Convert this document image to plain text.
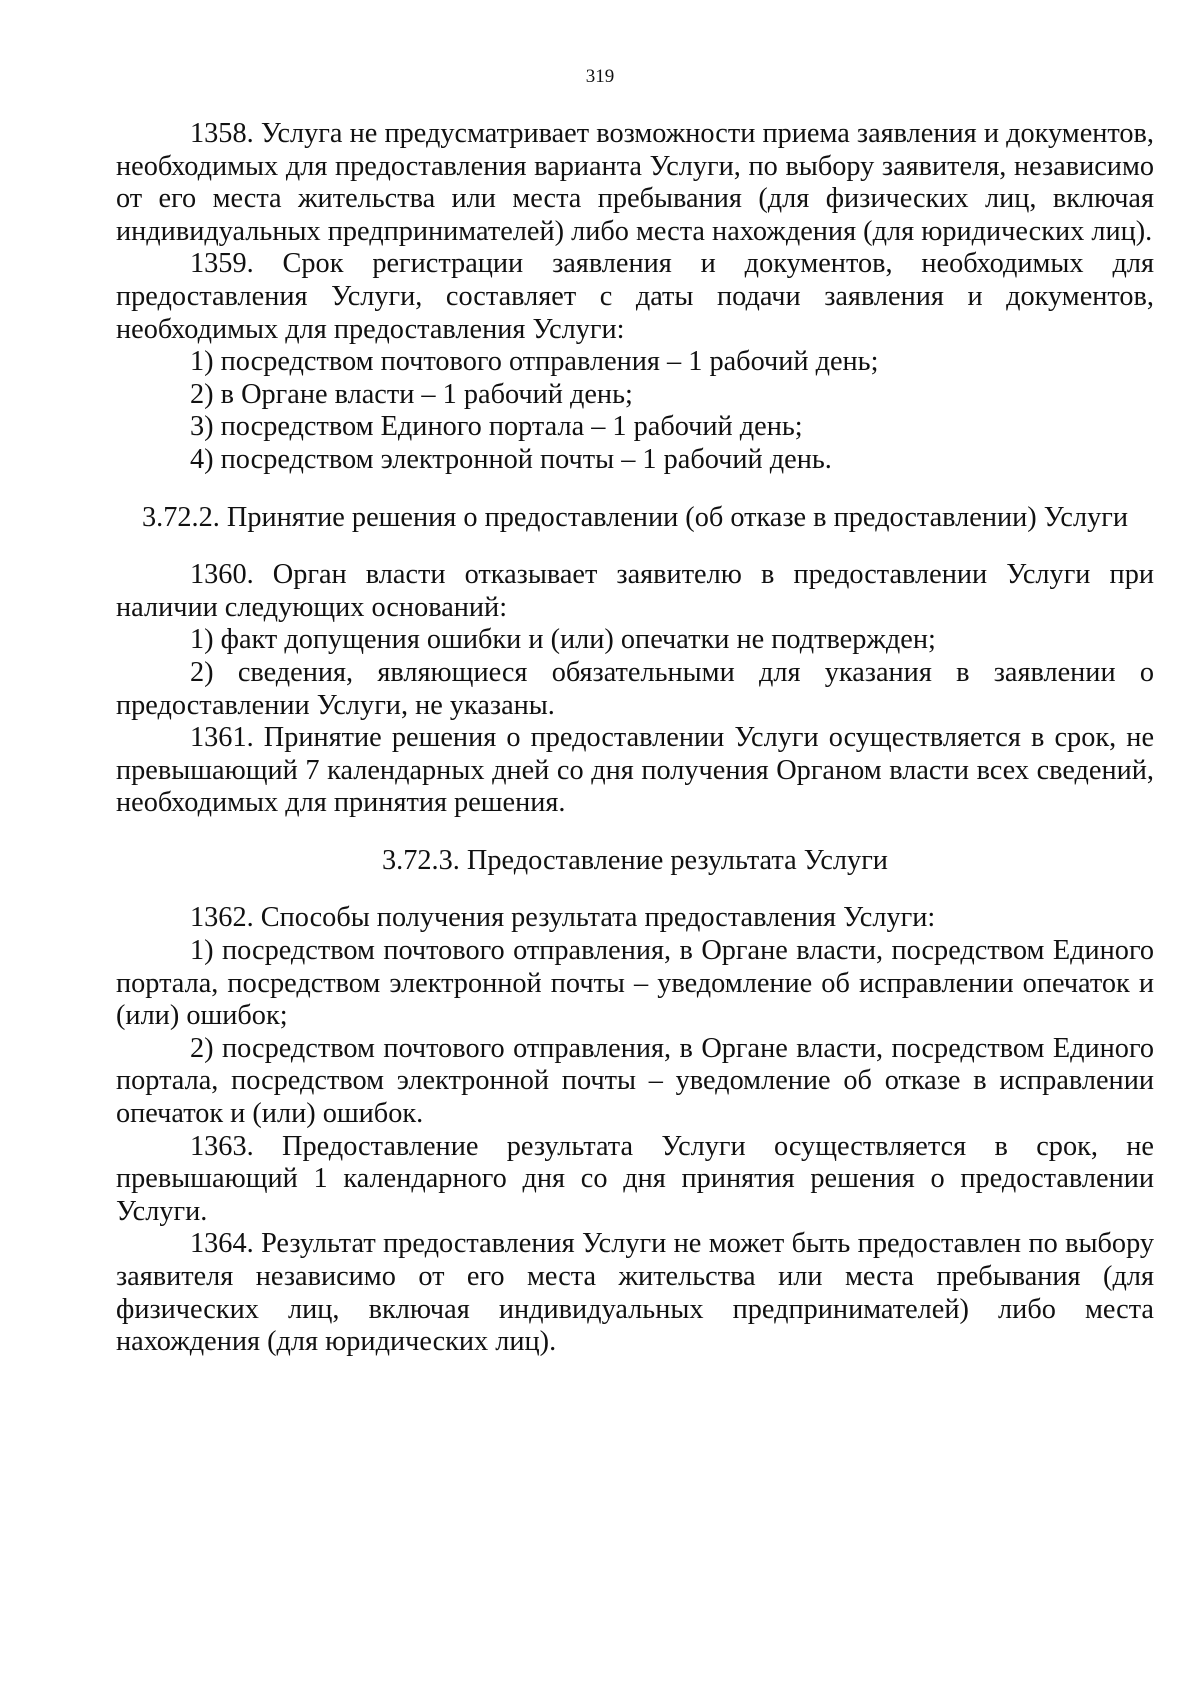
319

1358. Услуга не предусматривает возможности приема заявления и документов, необходимых для предоставления варианта Услуги, по выбору заявителя, независимо от его места жительства или места пребывания (для физических лиц, включая индивидуальных предпринимателей) либо места нахождения (для юридических лиц).

1359. Срок регистрации заявления и документов, необходимых для предоставления Услуги, составляет с даты подачи заявления и документов, необходимых для предоставления Услуги:

1) посредством почтового отправления – 1 рабочий день;

2) в Органе власти – 1 рабочий день;

3) посредством Единого портала – 1 рабочий день;

4) посредством электронной почты – 1 рабочий день.

3.72.2. Принятие решения о предоставлении (об отказе в предоставлении) Услуги

1360. Орган власти отказывает заявителю в предоставлении Услуги при наличии следующих оснований:

1) факт допущения ошибки и (или) опечатки не подтвержден;

2) сведения, являющиеся обязательными для указания в заявлении о предоставлении Услуги, не указаны.

1361. Принятие решения о предоставлении Услуги осуществляется в срок, не превышающий 7 календарных дней со дня получения Органом власти всех сведений, необходимых для принятия решения.

3.72.3. Предоставление результата Услуги

1362. Способы получения результата предоставления Услуги:

1) посредством почтового отправления, в Органе власти, посредством Единого портала, посредством электронной почты – уведомление об исправлении опечаток и (или) ошибок;

2) посредством почтового отправления, в Органе власти, посредством Единого портала, посредством электронной почты – уведомление об отказе в исправлении опечаток и (или) ошибок.

1363. Предоставление результата Услуги осуществляется в срок, не превышающий 1 календарного дня со дня принятия решения о предоставлении Услуги.

1364. Результат предоставления Услуги не может быть предоставлен по выбору заявителя независимо от его места жительства или места пребывания (для физических лиц, включая индивидуальных предпринимателей) либо места нахождения (для юридических лиц).
